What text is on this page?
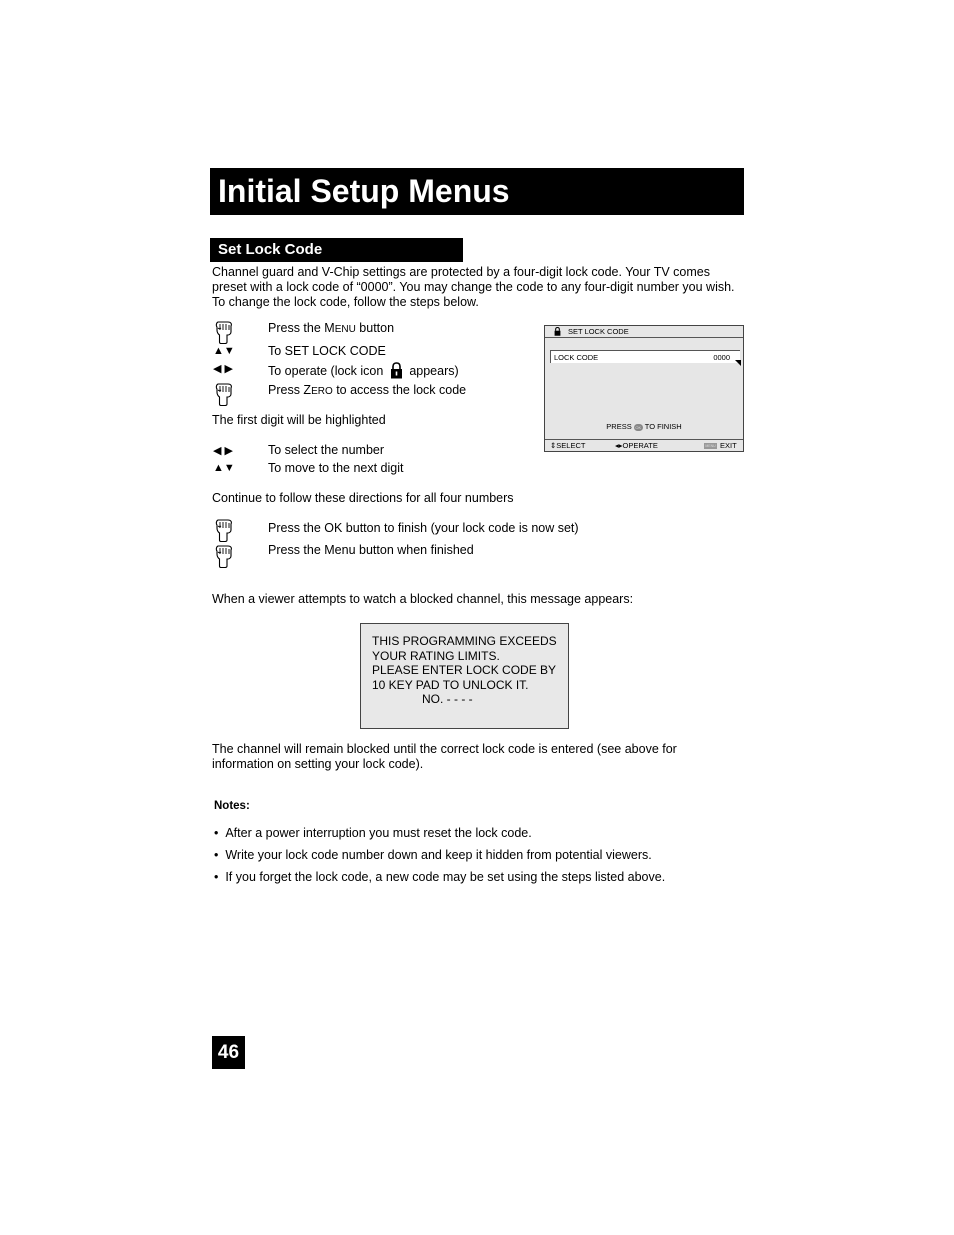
Initial Setup Menus
Set Lock Code
Channel guard and V-Chip settings are protected by a four-digit lock code. Your TV comes
preset with a lock code of “0000”. You may change the code to any four-digit number you wish.
To change the lock code, follow the steps below.
Press the MENU button
▲▼	To SET LOCK CODE
◀ ▶	To operate (lock icon appears)
Press ZERO to access the lock code
The first digit will be highlighted
◀ ▶	To select the number
▲▼	To move to the next digit
Continue to follow these directions for all four numbers
Press the OK button to finish (your lock code is now set)
Press the Menu button when finished
SET LOCK CODE
LOCK CODE	0000
PRESS OK TO FINISH
⇕SELECT	◂▸OPERATE	MENU EXIT
When a viewer attempts to watch a blocked channel, this message appears:
THIS PROGRAMMING EXCEEDS
YOUR RATING LIMITS.
PLEASE ENTER LOCK CODE BY
10 KEY PAD TO UNLOCK IT.
NO. - - - -
The channel will remain blocked until the correct lock code is entered (see above for
information on setting your lock code).
Notes:
•  After a power interruption you must reset the lock code.
•  Write your lock code number down and keep it hidden from potential viewers.
•  If you forget the lock code, a new code may be set using the steps listed above.
46
